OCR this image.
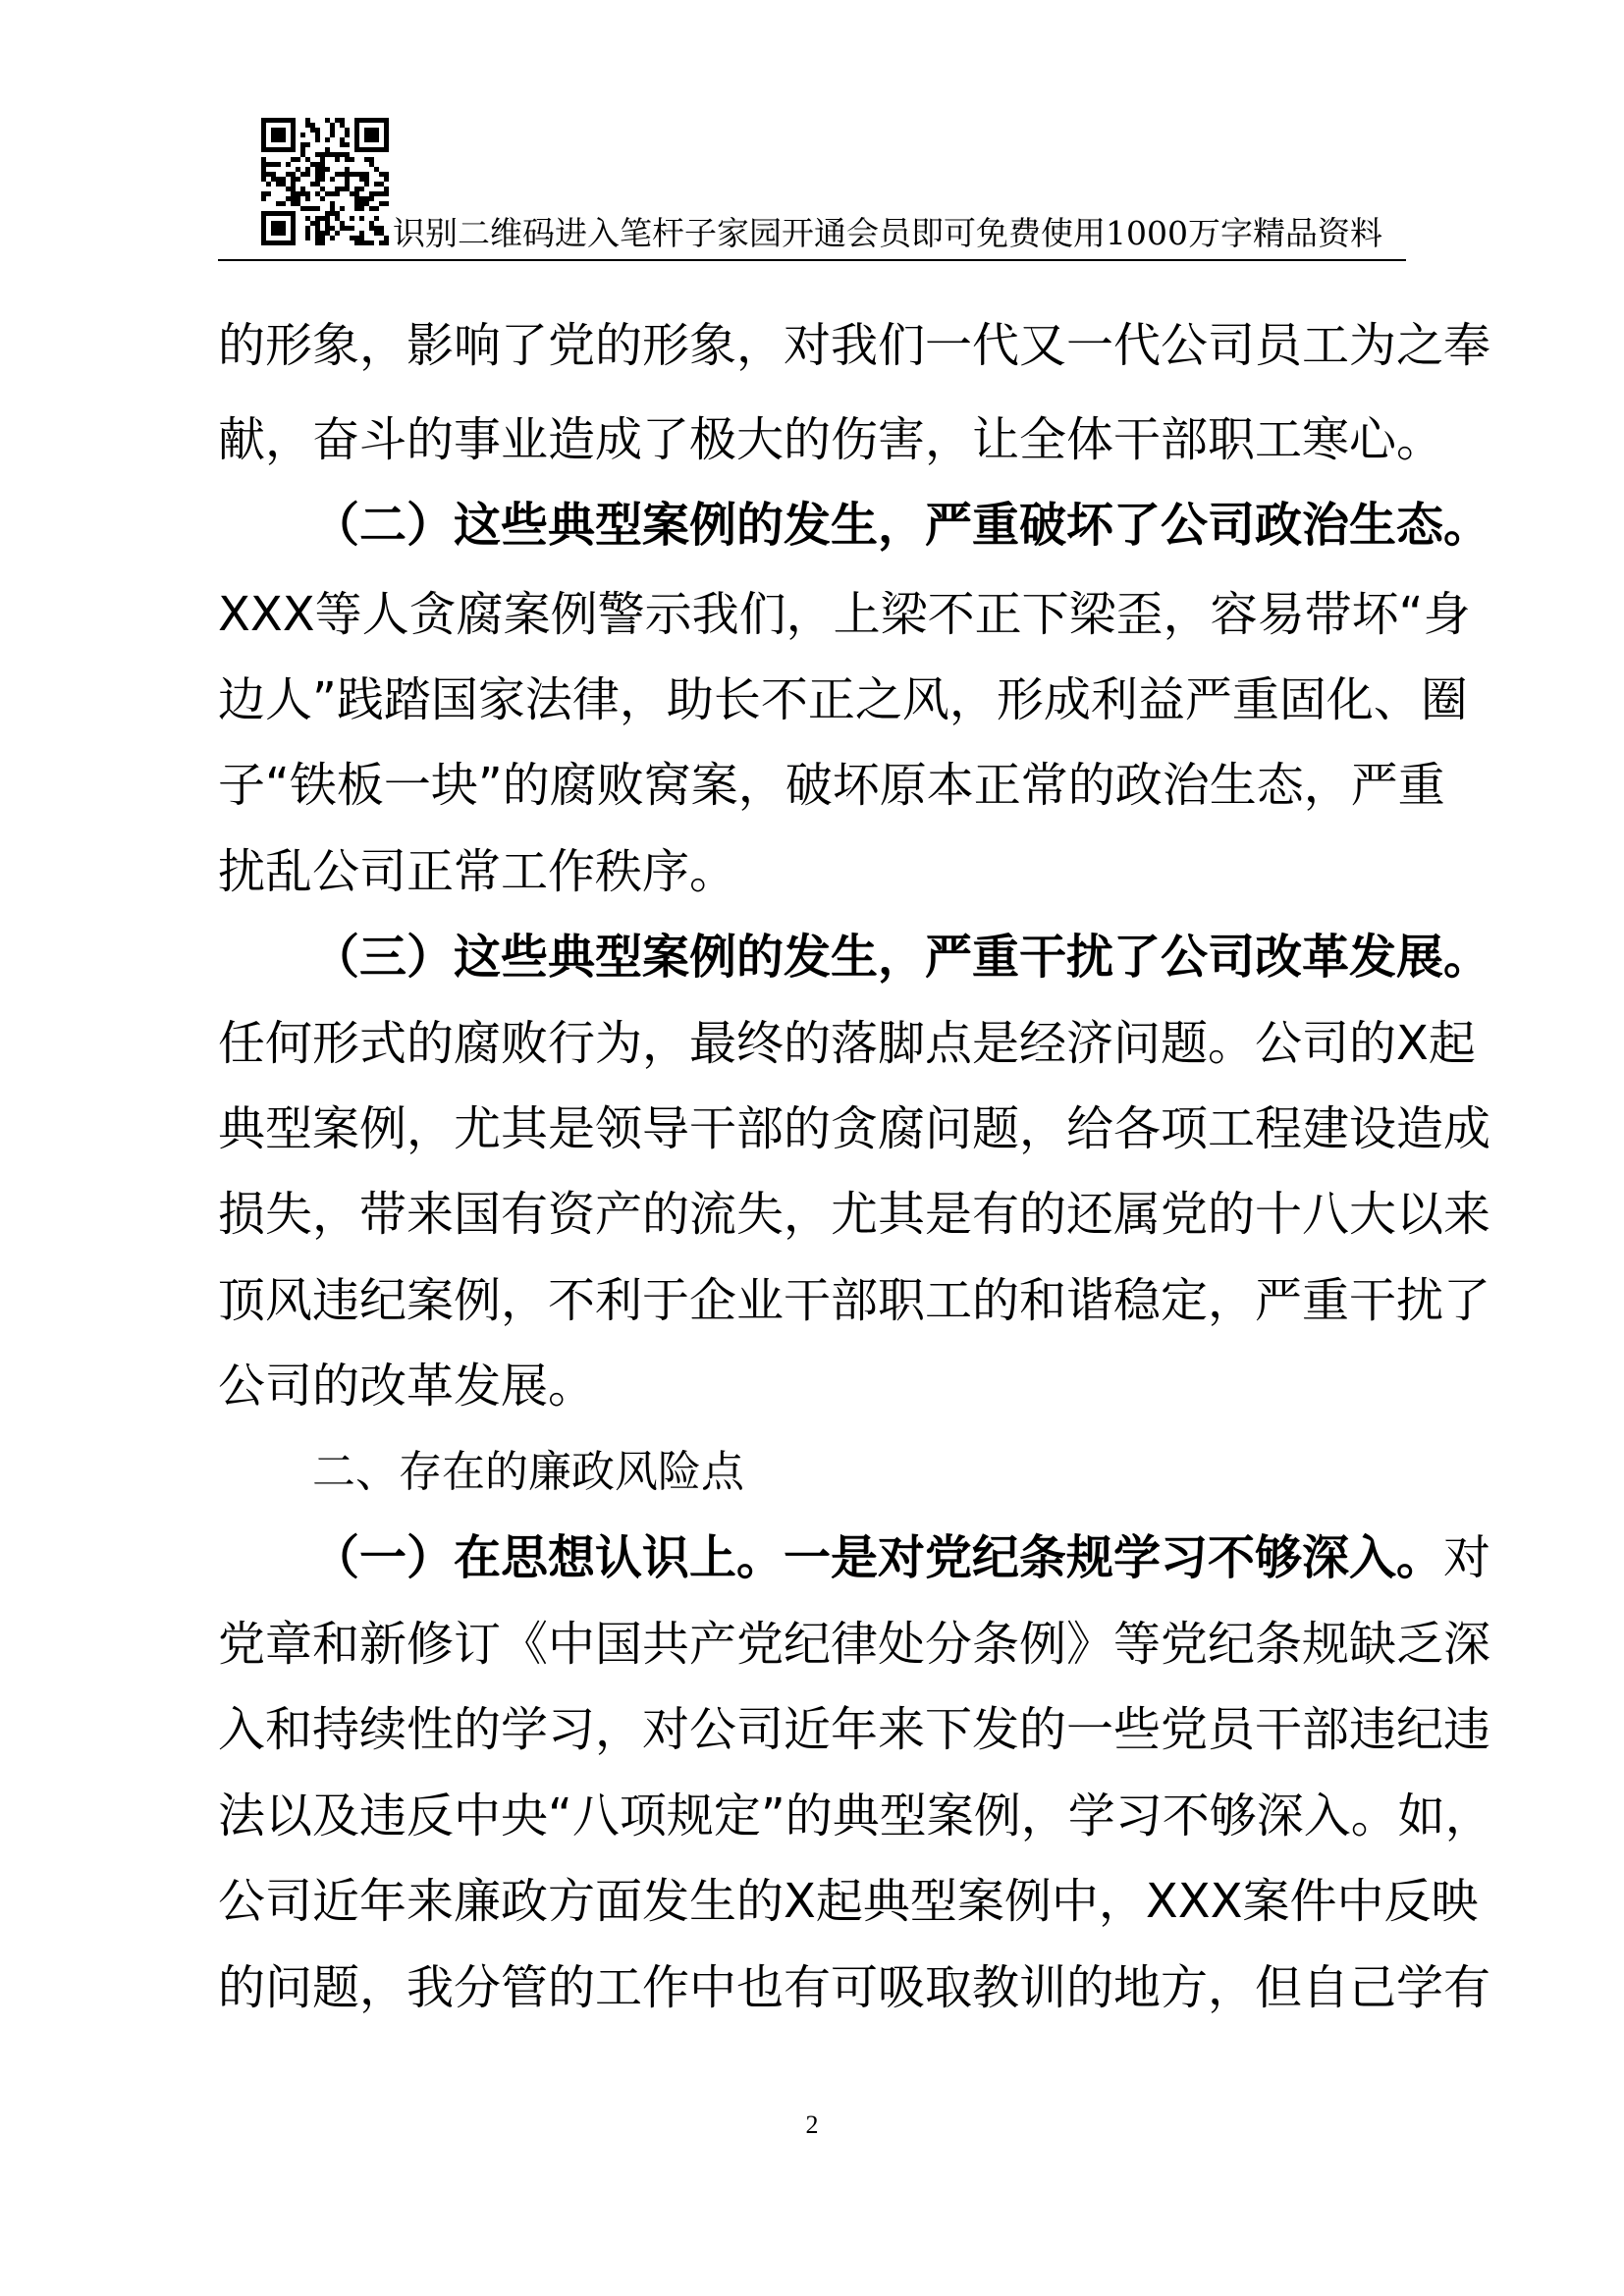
识别二维码进入笔杆子家园开通会员即可免费使用1000万字精品资料
的形象，影响了党的形象，对我们一代又一代公司员工为之奉
献，奋斗的事业造成了极大的伤害，让全体干部职工寒心。
（二）这些典型案例的发生，严重破坏了公司政治生态。
XXX等人贪腐案例警示我们，上梁不正下梁歪，容易带坏“身
边人”践踏国家法律，助长不正之风，形成利益严重固化、圈
子“铁板一块”的腐败窝案，破坏原本正常的政治生态，严重
扰乱公司正常工作秩序。
（三）这些典型案例的发生，严重干扰了公司改革发展。
任何形式的腐败行为，最终的落脚点是经济问题。公司的X起
典型案例，尤其是领导干部的贪腐问题，给各项工程建设造成
损失，带来国有资产的流失，尤其是有的还属党的十八大以来
顶风违纪案例，不利于企业干部职工的和谐稳定，严重干扰了
公司的改革发展。
二、存在的廉政风险点
（一）在思想认识上。一是对党纪条规学习不够深入。对
党章和新修订《中国共产党纪律处分条例》等党纪条规缺乏深
入和持续性的学习，对公司近年来下发的一些党员干部违纪违
法以及违反中央“八项规定”的典型案例，学习不够深入。如，
公司近年来廉政方面发生的X起典型案例中，XXX案件中反映
的问题，我分管的工作中也有可吸取教训的地方，但自己学有
2
